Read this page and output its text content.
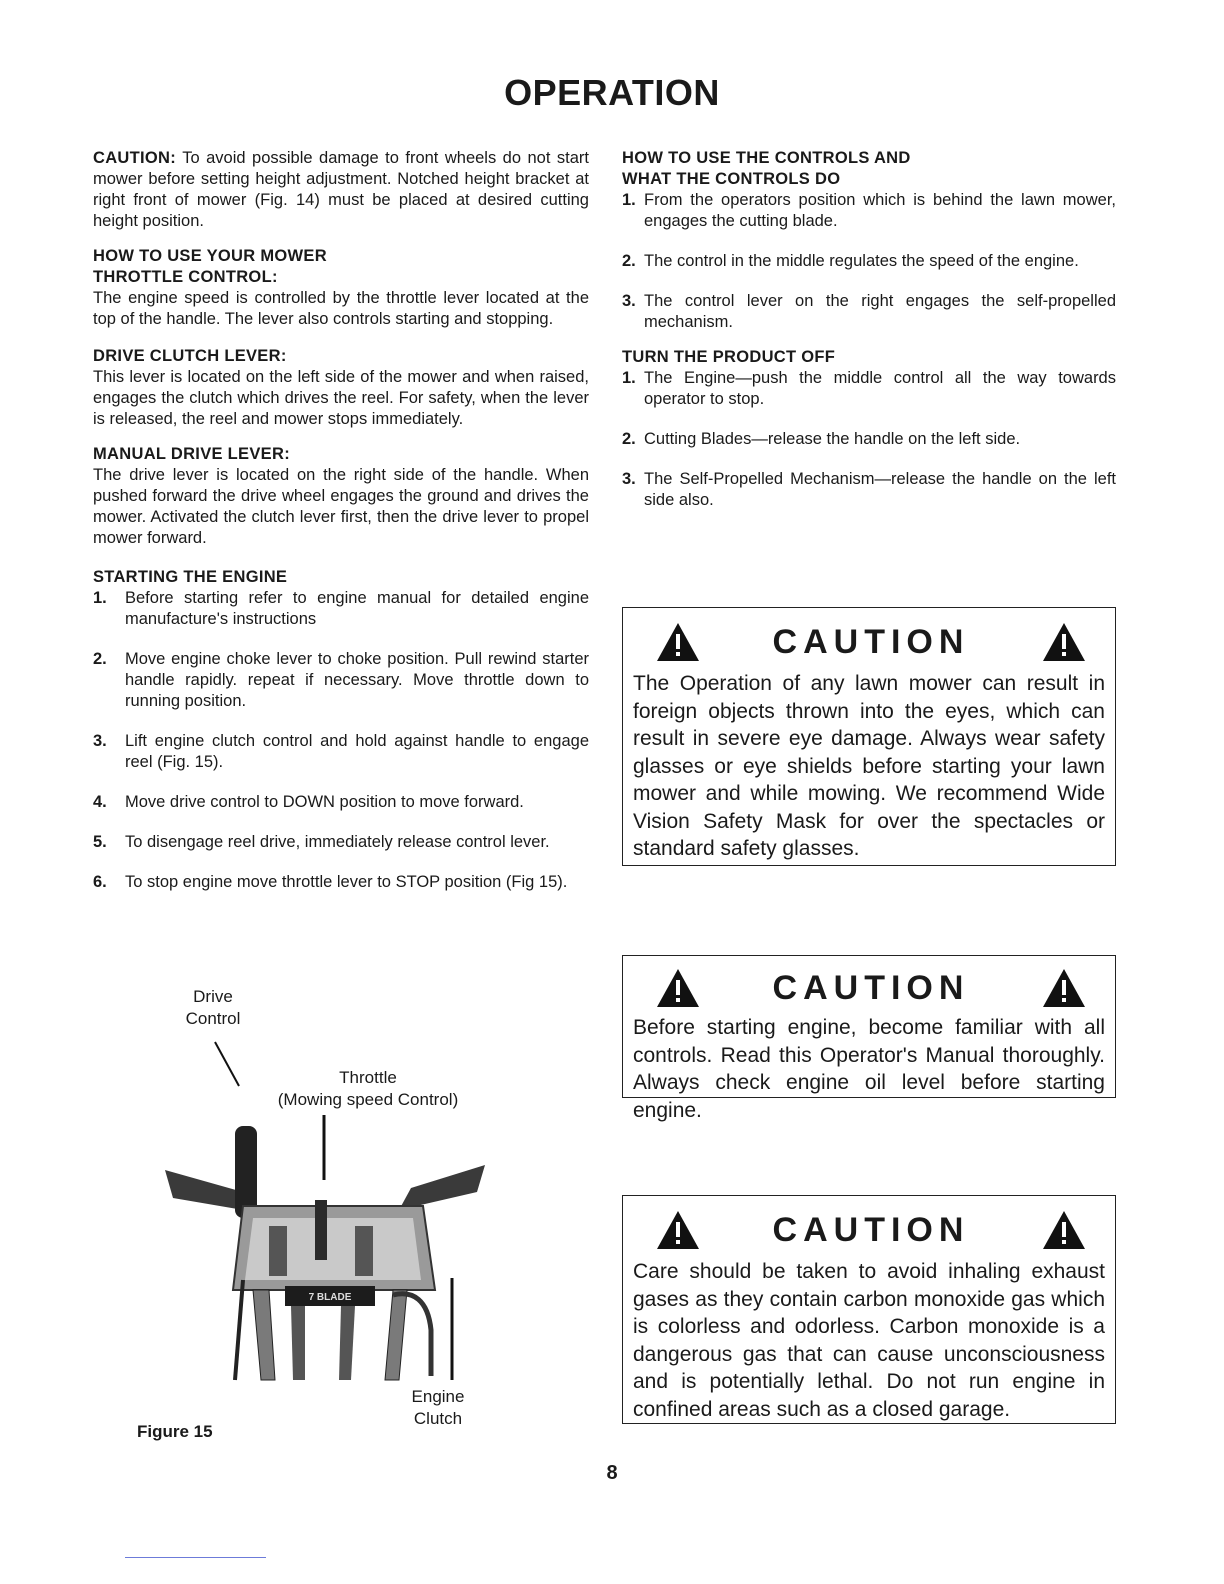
OPERATION

CAUTION: To avoid possible damage to front wheels do not start mower before setting height adjustment. Notched height bracket at right front of mower (Fig. 14) must be placed at desired cutting height position.

HOW TO USE YOUR MOWER
THROTTLE CONTROL:
The engine speed is controlled by the throttle lever located at the top of the handle. The lever also controls starting and stopping.
DRIVE CLUTCH LEVER:
This lever is located on the left side of the mower and when raised, engages the clutch which drives the reel. For safety, when the lever is released, the reel and mower stops immediately.
MANUAL DRIVE LEVER:
The drive lever is located on the right side of the handle. When pushed forward the drive wheel engages the ground and drives the mower. Activated the clutch lever first, then the drive lever to propel mower forward.
STARTING THE ENGINE
1.	Before starting refer to engine manual for detailed engine manufacture's instructions
2.	Move engine choke lever to choke position. Pull rewind starter handle rapidly. repeat if necessary. Move throttle down to running position.
3.	Lift engine clutch control and hold against handle to engage reel (Fig. 15).
4.	Move drive control to DOWN position to move forward.
5.	To disengage reel drive, immediately release control lever.
6.	To stop engine move throttle lever to STOP position (Fig 15).
HOW TO USE THE CONTROLS AND
WHAT THE CONTROLS DO
1. From the operators position which is behind the lawn mower, engages the cutting blade.
2. The control in the middle regulates the speed of the engine.
3. The control lever on the right engages the self-propelled mechanism.
TURN THE PRODUCT OFF
1. The Engine—push the middle control all the way towards operator to stop.
2. Cutting Blades—release the handle on the left side.
3. The Self-Propelled Mechanism—release the handle on the left side also.
CAUTION
The Operation of any lawn mower can result in foreign objects thrown into the eyes, which can result in severe eye damage. Always wear safety glasses or eye shields before starting your lawn mower and while mowing. We recommend Wide Vision Safety Mask for over the spectacles or standard safety glasses.
CAUTION
Before starting engine, become familiar with all controls. Read this Operator's Manual thoroughly. Always check engine oil level before starting engine.
CAUTION
Care should be taken to avoid inhaling exhaust gases as they contain carbon monoxide gas which is colorless and odorless. Carbon monoxide is a dangerous gas that can cause unconsciousness and is potentially lethal. Do not run engine in confined areas such as a closed garage.
Drive
Control
Throttle
(Mowing speed Control)
Engine
Clutch
7 BLADE
Figure 15
8
